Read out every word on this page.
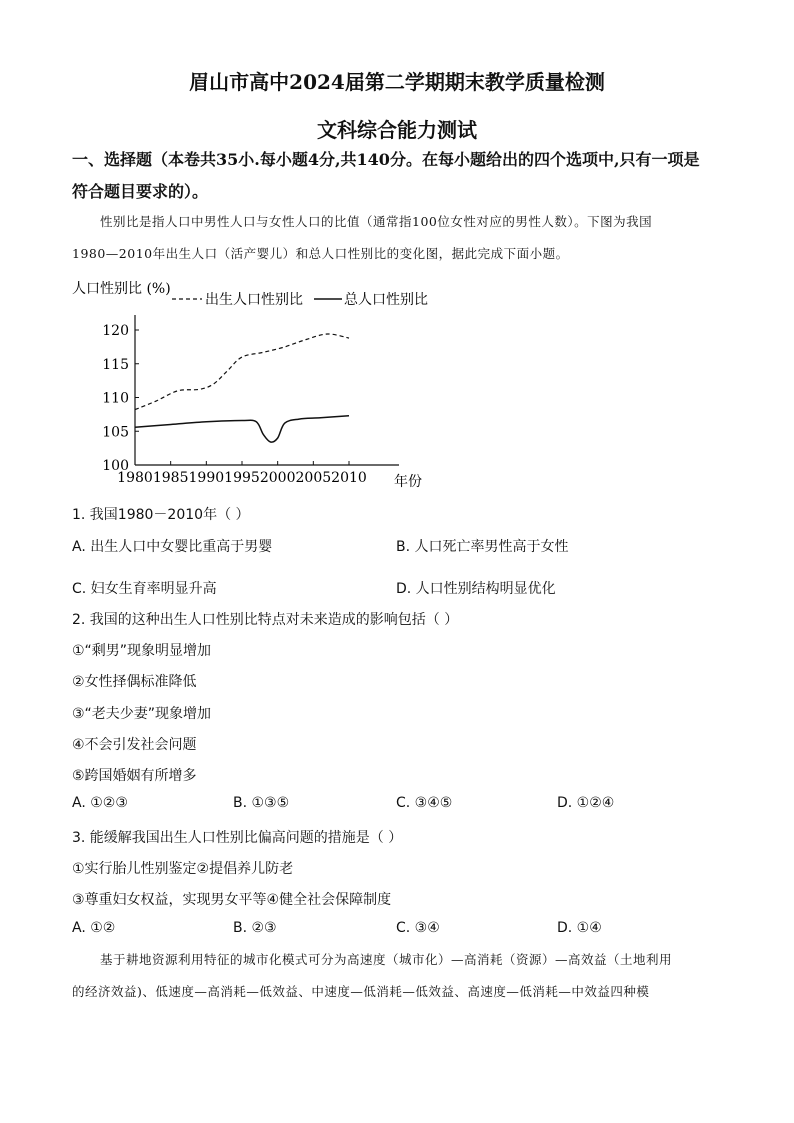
眉山市高中2024届第二学期期末教学质量检测
文科综合能力测试
一、选择题（本卷共35小.每小题4分,共140分。在每小题给出的四个选项中,只有一项是
符合题目要求的）。
性别比是指人口中男性人口与女性人口的比值（通常指100位女性对应的男性人数）。下图为我国
1980—2010年出生人口（活产婴儿）和总人口性别比的变化图，据此完成下面小题。
人口性别比 (%)
出生人口性别比	总人口性别比
1980 1985 1990 1995 2000 2005 2010
100
105
110
115
120
年份
1. 我国1980－2010年（ ）
A. 出生人口中女婴比重高于男婴	B. 人口死亡率男性高于女性
C. 妇女生育率明显升高	D. 人口性别结构明显优化
2. 我国的这种出生人口性别比特点对未来造成的影响包括（ ）
①“剩男”现象明显增加
②女性择偶标准降低
③“老夫少妻”现象增加
④不会引发社会问题
⑤跨国婚姻有所增多
A. ①②③	B. ①③⑤	C. ③④⑤	D. ①②④
3. 能缓解我国出生人口性别比偏高问题的措施是（ ）
①实行胎儿性别鉴定②提倡养儿防老
③尊重妇女权益，实现男女平等④健全社会保障制度
A. ①②	B. ②③	C. ③④	D. ①④
基于耕地资源利用特征的城市化模式可分为高速度（城市化）—高消耗（资源）—高效益（土地利用
的经济效益)、低速度—高消耗—低效益、中速度—低消耗—低效益、高速度—低消耗—中效益四种模
